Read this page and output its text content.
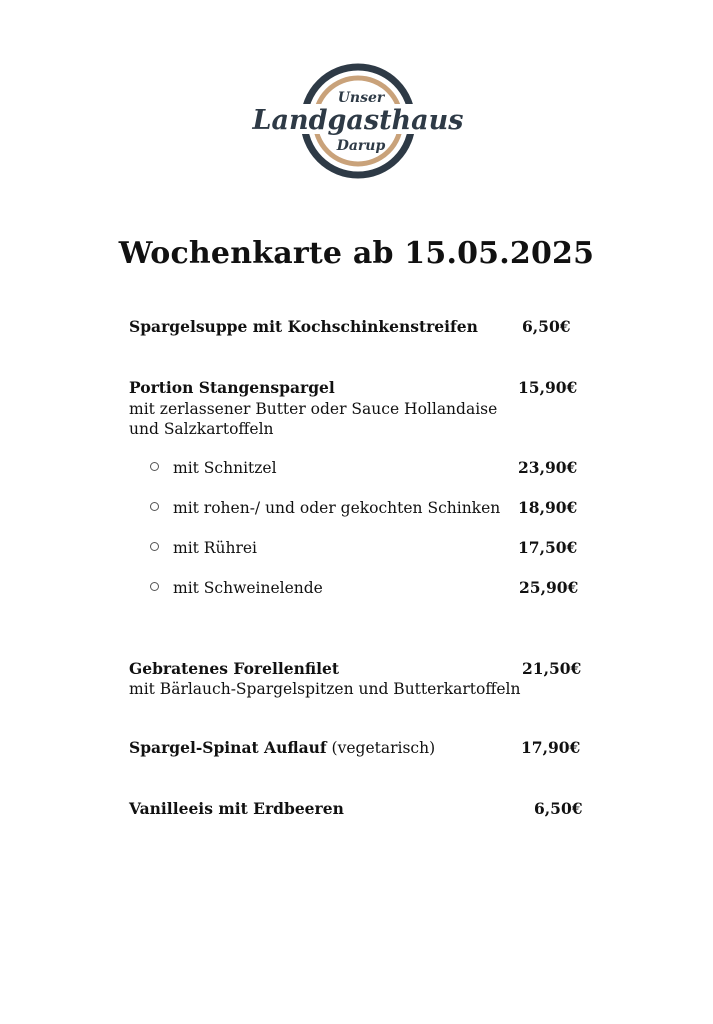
Unser
Landgasthaus
Darup
Wochenkarte ab 15.05.2025
Spargelsuppe mit Kochschinkenstreifen	6,50€
Portion Stangenspargel	15,90€
mit zerlassener Butter oder Sauce Hollandaise
und Salzkartoffeln
mit Schnitzel	23,90€
mit rohen-/ und oder gekochten Schinken 18,90€
mit Rührei	17,50€
mit Schweinelende	25,90€
Gebratenes Forellenfilet	21,50€
mit Bärlauch-Spargelspitzen und Butterkartoffeln
Spargel-Spinat Auflauf (vegetarisch)	17,90€
Vanilleeis mit Erdbeeren	6,50€
